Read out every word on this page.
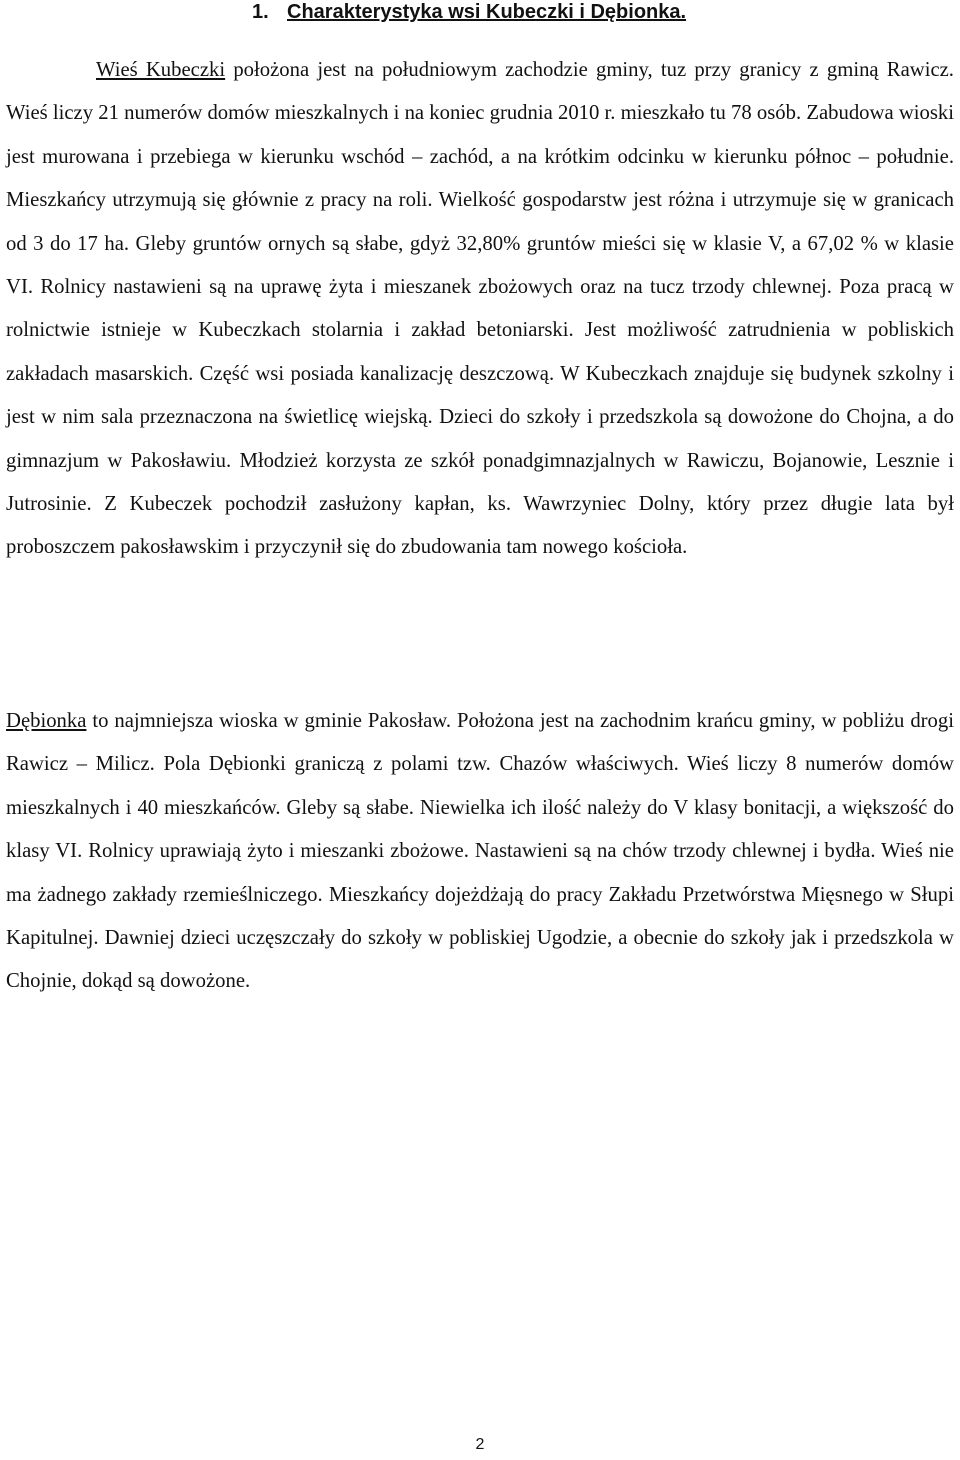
1. Charakterystyka wsi Kubeczki i Dębionka.

Wieś Kubeczki położona jest na południowym zachodzie gminy, tuz przy granicy z gminą Rawicz. Wieś liczy 21 numerów domów mieszkalnych i na koniec grudnia 2010 r. mieszkało tu 78 osób. Zabudowa wioski jest murowana i przebiega w kierunku wschód – zachód, a na krótkim odcinku w kierunku północ – południe. Mieszkańcy utrzymują się głównie z pracy na roli. Wielkość gospodarstw jest różna i utrzymuje się w granicach od 3 do 17 ha. Gleby gruntów ornych są słabe, gdyż 32,80% gruntów mieści się w klasie V, a 67,02 % w klasie VI. Rolnicy nastawieni są na uprawę żyta i mieszanek zbożowych oraz na tucz trzody chlewnej. Poza pracą w rolnictwie istnieje w Kubeczkach stolarnia i zakład betoniarski. Jest możliwość zatrudnienia w pobliskich zakładach masarskich. Część wsi posiada kanalizację deszczową. W Kubeczkach znajduje się budynek szkolny i jest w nim sala przeznaczona na świetlicę wiejską. Dzieci do szkoły i przedszkola są dowożone do Chojna, a do gimnazjum w Pakosławiu. Młodzież korzysta ze szkół ponadgimnazjalnych w Rawiczu, Bojanowie, Lesznie i Jutrosinie. Z Kubeczek pochodził zasłużony kapłan, ks. Wawrzyniec Dolny, który przez długie lata był proboszczem pakosławskim i przyczynił się do zbudowania tam nowego kościoła.

Dębionka to najmniejsza wioska w gminie Pakosław. Położona jest na zachodnim krańcu gminy, w pobliżu drogi Rawicz – Milicz. Pola Dębionki graniczą z polami tzw. Chazów właściwych. Wieś liczy 8 numerów domów mieszkalnych i 40 mieszkańców. Gleby są słabe. Niewielka ich ilość należy do V klasy bonitacji, a większość do klasy VI. Rolnicy uprawiają żyto i mieszanki zbożowe. Nastawieni są na chów trzody chlewnej i bydła. Wieś nie ma żadnego zakłady rzemieślniczego. Mieszkańcy dojeżdżają do pracy Zakładu Przetwórstwa Mięsnego w Słupi Kapitulnej. Dawniej dzieci uczęszczały do szkoły w pobliskiej Ugodzie, a obecnie do szkoły jak i przedszkola w Chojnie, dokąd są dowożone.

2
